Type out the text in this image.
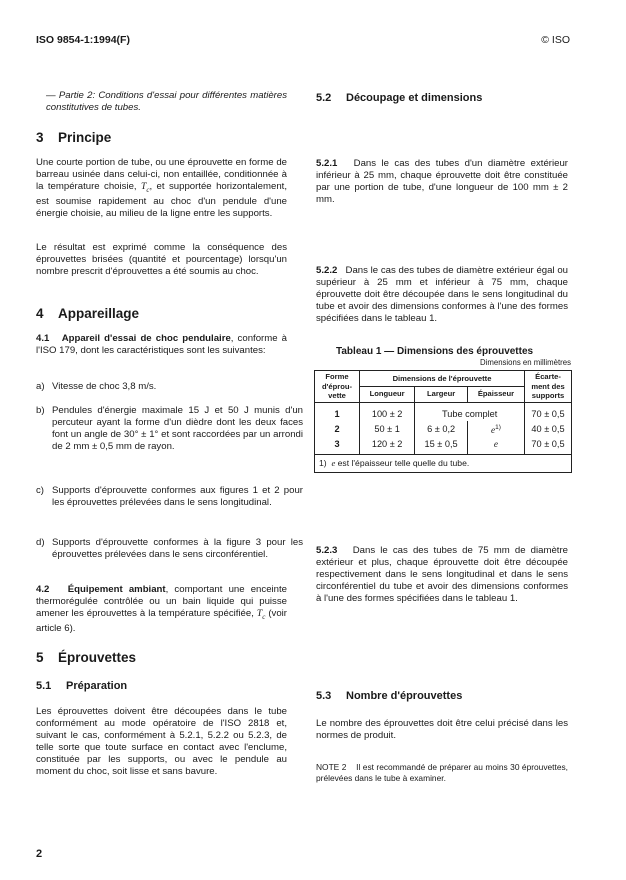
ISO 9854-1:1994(F)	© ISO

— Partie 2: Conditions d'essai pour différentes matières constitutives de tubes.

3 Principe

Une courte portion de tube, ou une éprouvette en forme de barreau usinée dans celui-ci, non entaillée, conditionnée à la température choisie, $T_c$, et supportée horizontalement, est soumise rapidement au choc d'un pendule d'une énergie choisie, au milieu de la ligne entre les supports.

Le résultat est exprimé comme la conséquence des éprouvettes brisées (quantité et pourcentage) lorsqu'un nombre prescrit d'éprouvettes a été soumis au choc.

4 Appareillage

4.1 Appareil d'essai de choc pendulaire, conforme à l'ISO 179, dont les caractéristiques sont les suivantes:

a) Vitesse de choc 3,8 m/s.

b) Pendules d'énergie maximale 15 J et 50 J munis d'un percuteur ayant la forme d'un dièdre dont les deux faces font un angle de 30° ± 1° et sont raccordées par un arrondi de 2 mm ± 0,5 mm de rayon.

c) Supports d'éprouvette conformes aux figures 1 et 2 pour les éprouvettes prélevées dans le sens longitudinal.

d) Supports d'éprouvette conformes à la figure 3 pour les éprouvettes prélevées dans le sens circonférentiel.

4.2 Équipement ambiant, comportant une enceinte thermorégulée contrôlée ou un bain liquide qui puisse amener les éprouvettes à la température spécifiée, $T_c$ (voir article 6).

5 Éprouvettes
5.1 Préparation

Les éprouvettes doivent être découpées dans le tube conformément au mode opératoire de l'ISO 2818 et, suivant le cas, conformément à 5.2.1, 5.2.2 ou 5.2.3, de telle sorte que toute surface en contact avec l'enclume, constituée par les supports, ou avec le pendule au moment du choc, soit lisse et sans bavure.

5.2 Découpage et dimensions

5.2.1 Dans le cas des tubes d'un diamètre extérieur inférieur à 25 mm, chaque éprouvette doit être constituée par une portion de tube, d'une longueur de 100 mm ± 2 mm.

5.2.2 Dans le cas des tubes de diamètre extérieur égal ou supérieur à 25 mm et inférieur à 75 mm, chaque éprouvette doit être découpée dans le sens longitudinal du tube et avoir des dimensions conformes à l'une des formes spécifiées dans le tableau 1.

Tableau 1 — Dimensions des éprouvettes
Dimensions en millimètres
Forme d'éprou-vette	Dimensions de l'éprouvette			Écarte-ment des supports
	Longueur	Largeur	Épaisseur	
1	100 ± 2	Tube complet		70 ± 0,5
2	50 ± 1	6 ± 0,2	$e^{1)}$	40 ± 0,5
3	120 ± 2	15 ± 0,5	e	70 ± 0,5
1) e est l'épaisseur telle quelle du tube.				

5.2.3 Dans le cas des tubes de 75 mm de diamètre extérieur et plus, chaque éprouvette doit être découpée respectivement dans le sens longitudinal et dans le sens circonférentiel du tube et avoir des dimensions conformes à l'une des formes spécifiées dans le tableau 1.

5.3 Nombre d'éprouvettes

Le nombre des éprouvettes doit être celui précisé dans les normes de produit.

NOTE 2 Il est recommandé de préparer au moins 30 éprouvettes, prélevées dans le tube à examiner.

2
